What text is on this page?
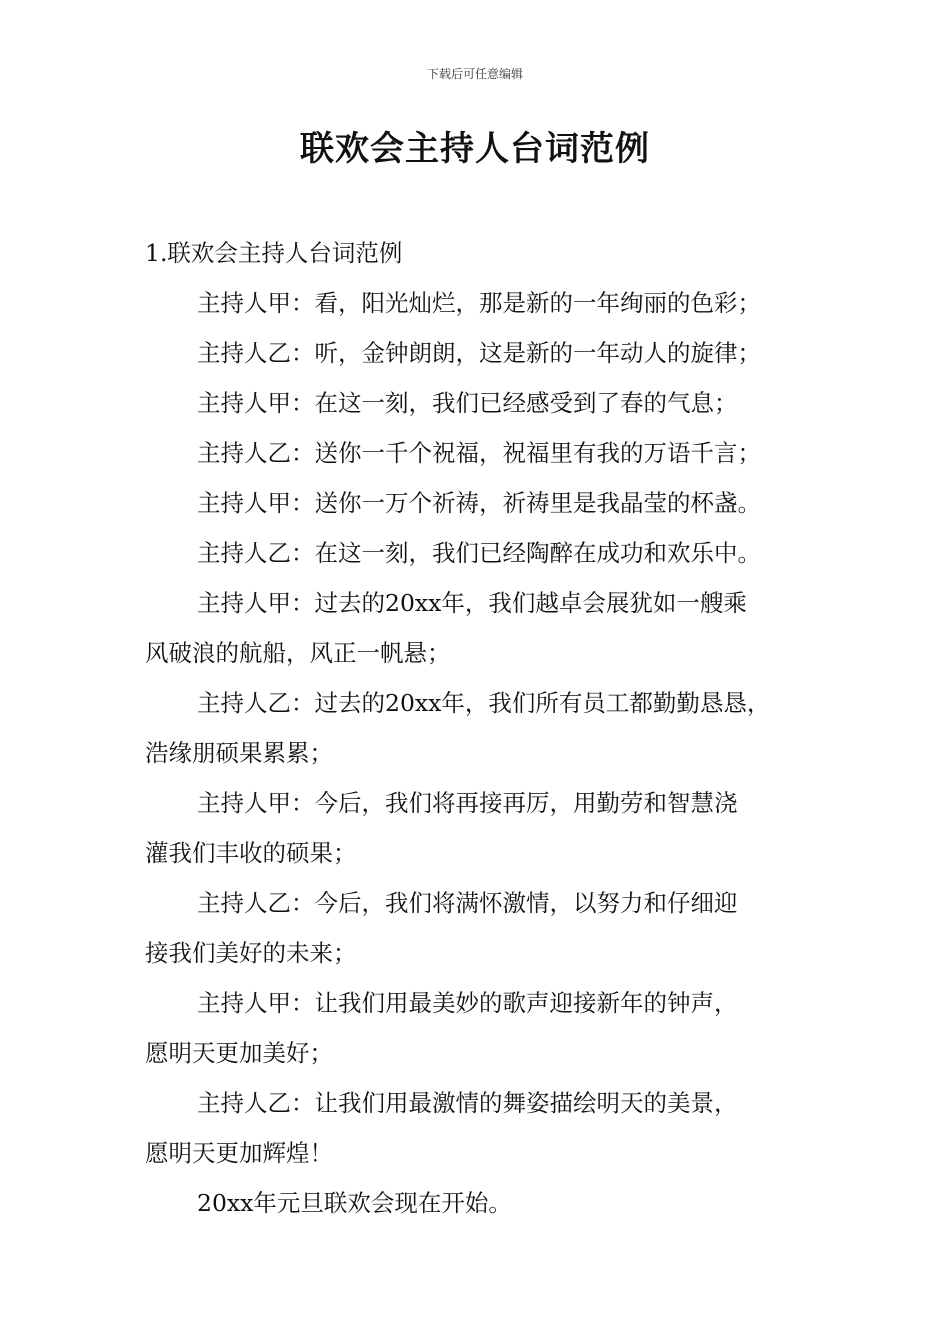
下载后可任意编辑
联欢会主持人台词范例
1.联欢会主持人台词范例
主持人甲：看，阳光灿烂，那是新的一年绚丽的色彩；
主持人乙：听，金钟朗朗，这是新的一年动人的旋律；
主持人甲：在这一刻，我们已经感受到了春的气息；
主持人乙：送你一千个祝福，祝福里有我的万语千言；
主持人甲：送你一万个祈祷，祈祷里是我晶莹的杯盏。
主持人乙：在这一刻，我们已经陶醉在成功和欢乐中。
主持人甲：过去的20xx年，我们越卓会展犹如一艘乘
风破浪的航船，风正一帆悬；
主持人乙：过去的20xx年，我们所有员工都勤勤恳恳，
浩缘朋硕果累累；
主持人甲：今后，我们将再接再厉，用勤劳和智慧浇
灌我们丰收的硕果；
主持人乙：今后，我们将满怀激情，以努力和仔细迎
接我们美好的未来；
主持人甲：让我们用最美妙的歌声迎接新年的钟声，
愿明天更加美好；
主持人乙：让我们用最激情的舞姿描绘明天的美景，
愿明天更加辉煌！
20xx年元旦联欢会现在开始。
